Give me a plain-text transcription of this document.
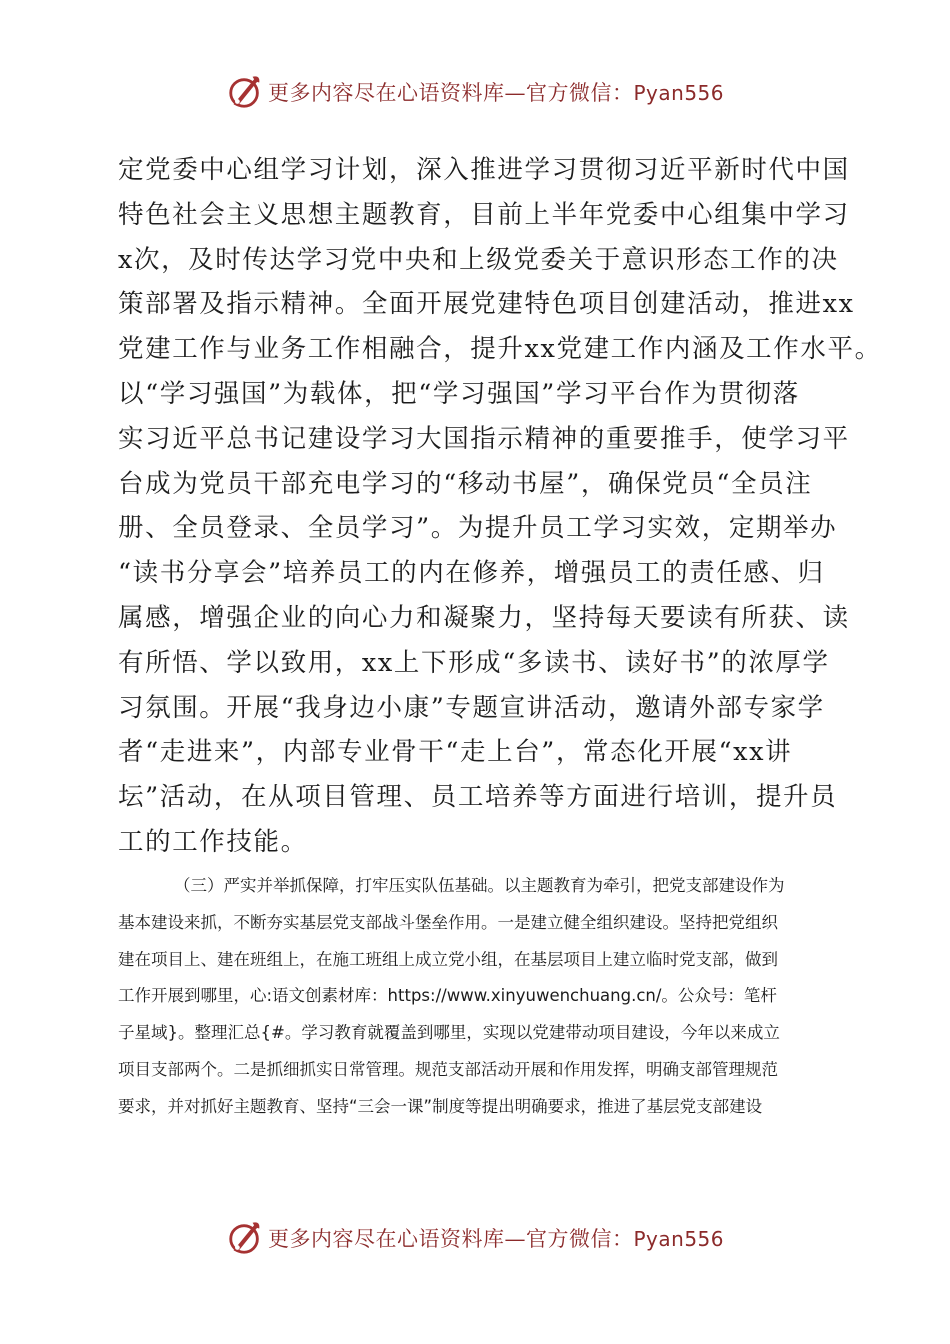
更多内容尽在心语资料库—官方微信：Pyan556
定党委中心组学习计划，深入推进学习贯彻习近平新时代中国
特色社会主义思想主题教育，目前上半年党委中心组集中学习
x次，及时传达学习党中央和上级党委关于意识形态工作的决
策部署及指示精神。全面开展党建特色项目创建活动，推进xx
党建工作与业务工作相融合，提升xx党建工作内涵及工作水平。
以“学习强国”为载体，把“学习强国”学习平台作为贯彻落
实习近平总书记建设学习大国指示精神的重要推手，使学习平
台成为党员干部充电学习的“移动书屋”，确保党员“全员注
册、全员登录、全员学习”。为提升员工学习实效，定期举办
“读书分享会”培养员工的内在修养，增强员工的责任感、归
属感，增强企业的向心力和凝聚力，坚持每天要读有所获、读
有所悟、学以致用，xx上下形成“多读书、读好书”的浓厚学
习氛围。开展“我身边小康”专题宣讲活动，邀请外部专家学
者“走进来”，内部专业骨干“走上台”，常态化开展“xx讲
坛”活动，在从项目管理、员工培养等方面进行培训，提升员
工的工作技能。
（三）严实并举抓保障，打牢压实队伍基础。以主题教育为牵引，把党支部建设作为
基本建设来抓，不断夯实基层党支部战斗堡垒作用。一是建立健全组织建设。坚持把党组织
建在项目上、建在班组上，在施工班组上成立党小组，在基层项目上建立临时党支部，做到
工作开展到哪里，心:语文创素材库：https://www.xinyuwenchuang.cn/。公众号：笔杆
子星域}。整理汇总{#。学习教育就覆盖到哪里，实现以党建带动项目建设，今年以来成立
项目支部两个。二是抓细抓实日常管理。规范支部活动开展和作用发挥，明确支部管理规范
要求，并对抓好主题教育、坚持“三会一课”制度等提出明确要求，推进了基层党支部建设
更多内容尽在心语资料库—官方微信：Pyan556
